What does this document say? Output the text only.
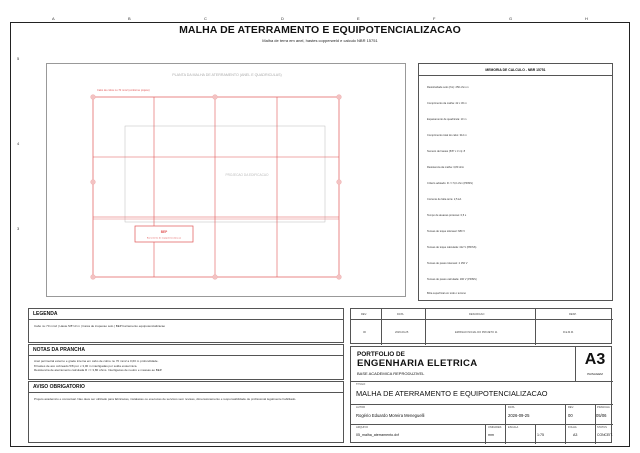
A	B	C	D	E	F	G	H
5
4
3
MALHA DE ATERRAMENTO E EQUIPOTENCIALIZACAO
Malha de terra em anel, hastes copperweld e calculo NBR 15751
PLANTA DA MALHA DE ATERRAMENTO (ANEL E QUADRICULAS)
PROJECAO DA EDIFICACAO
Cabo de cobre nu 70 mm2 (conforme projeto)
BEP
Barramento de equipotencializacao
MEMORIA DE CALCULO - NBR 15751
Resistividade solo (rho): 250 ohm.m
Comprimento da malha: 42 x 30 m
Espacamento de quadricula: 10 m
Comprimento total do cabo: 312 m
Numero de hastes (5/8" x 3 m): 8
Resistencia da malha: 3,80 ohm
Criterio adotado: R <= 5,0 ohm (PRISS)
Corrente de falta terra: 2,5 kA
Tempo de atuacao protecao: 0,5 s
Tensao de toque toleravel: 680 V
Tensao de toque calculada: 412 V (PRISS)
Tensao de passo toleravel: 2 150 V
Tensao de passo calculada: 190 V (PRISS)
Brita superficial em todo o terreno
LEGENDA
Cabo nu 70 mm2 | Haste 5/8"x3 m | Caixa de inspecao solo | BEP barramento equipotencializacao
NOTAS DA PRANCHA
Anel perimetral externo e grade interna em cabo de cobre nu 70 mm2 a 0,60 m profundidade.
8 hastes de aco cobreado 5/8 pol. x 3,00 m interligadas por solda exotermica.
Resistencia de aterramento calculada R <= 3,80 ohms. Interligacao de neutro e massas ao BEP.
AVISO OBRIGATORIO
Projeto academico e conceitual. Nao deve ser utilizado para fabricacao, instalacao ou execucao de servicos sem revisao, dimensionamento e responsabilidade de profissional legalmente habilitado.
REV.	DATA	DESCRICAO	RESP.
00	2026-09-25	EMISSAO INICIAL DO PROJETO 11	R.E.M.M.
PORTFOLIO DE
ENGENHARIA ELETRICA
BASE ACADEMICA REPRODUZIVEL
A3
PAISAGEM
TITULO
MALHA DE ATERRAMENTO E EQUIPOTENCIALIZACAO
AUTOR
Rogério Eduardo Moreira Meneguelli
DATA
2026-09-25
REV.
00
PRANCHA
05/06
ARQUIVO
05_malha_aterramento.dxf
UNIDADES
mm
ESCALA
1:75
FOLHA
A3
STATUS
CONCEIT.
